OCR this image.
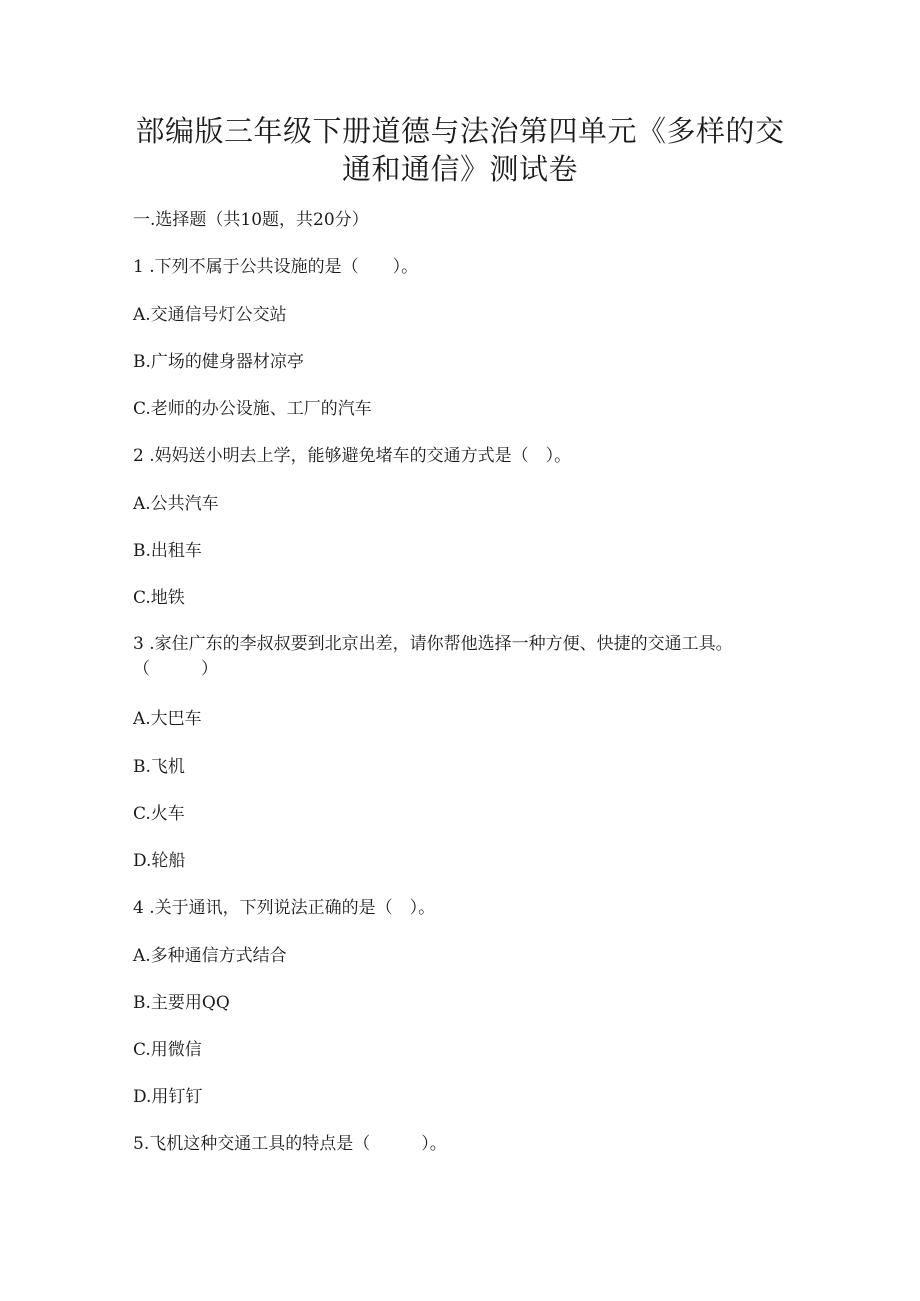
部编版三年级下册道德与法治第四单元《多样的交通和通信》测试卷

一.选择题（共10题，共20分）

1 .下列不属于公共设施的是（　　）。

A.交通信号灯公交站

B.广场的健身器材凉亭

C.老师的办公设施、工厂的汽车

2 .妈妈送小明去上学，能够避免堵车的交通方式是（　）。

A.公共汽车

B.出租车

C.地铁

3 .家住广东的李叔叔要到北京出差，请你帮他选择一种方便、快捷的交通工具。（　　　）

A.大巴车

B.飞机

C.火车

D.轮船

4 .关于通讯，下列说法正确的是（　）。

A.多种通信方式结合

B.主要用QQ

C.用微信

D.用钉钉

5.飞机这种交通工具的特点是（　　　）。
